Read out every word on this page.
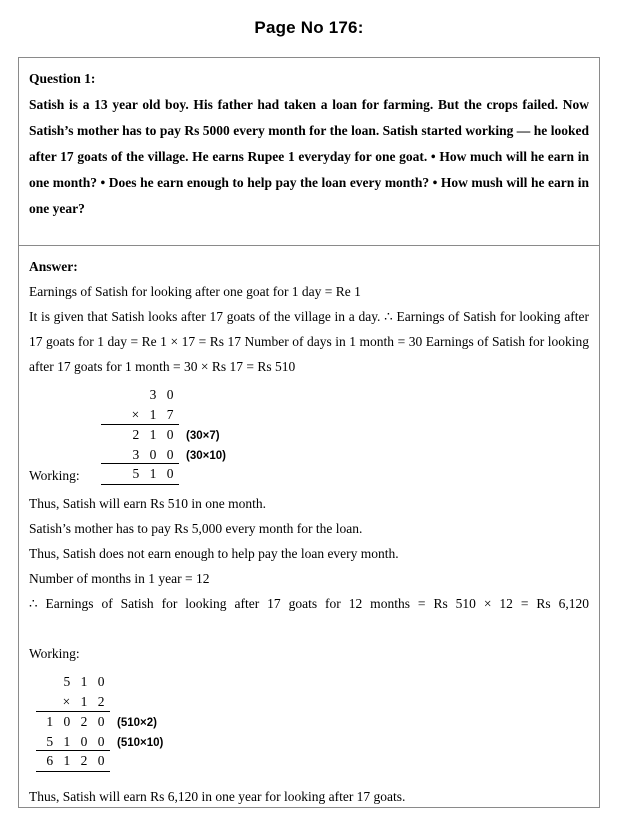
Page No 176:
Question 1:

Satish is a 13 year old boy. His father had taken a loan for farming. But the crops failed. Now Satish’s mother has to pay Rs 5000 every month for the loan. Satish started working — he looked after 17 goats of the village. He earns Rupee 1 everyday for one goat. • How much will he earn in one month? • Does he earn enough to help pay the loan every month? • How mush will he earn in one year?

Answer:

Earnings of Satish for looking after one goat for 1 day = Re 1

It is given that Satish looks after 17 goats of the village in a day. ∴ Earnings of Satish for looking after 17 goats for 1 day = Re 1 × 17 = Rs 17 Number of days in 1 month = 30 Earnings of Satish for looking after 17 goats for 1 month = 30 × Rs 17 = Rs 510

Working:
3 0
× 1 7
2 1 0 (30×7)
3 0 0 (30×10)
5 1 0

Thus, Satish will earn Rs 510 in one month.

Satish’s mother has to pay Rs 5,000 every month for the loan.

Thus, Satish does not earn enough to help pay the loan every month.

Number of months in 1 year = 12

∴ Earnings of Satish for looking after 17 goats for 12 months = Rs 510 × 12 = Rs 6,120

Working:
5 1 0
× 1 2
1 0 2 0 (510×2)
5 1 0 0 (510×10)
6 1 2 0

Thus, Satish will earn Rs 6,120 in one year for looking after 17 goats.
